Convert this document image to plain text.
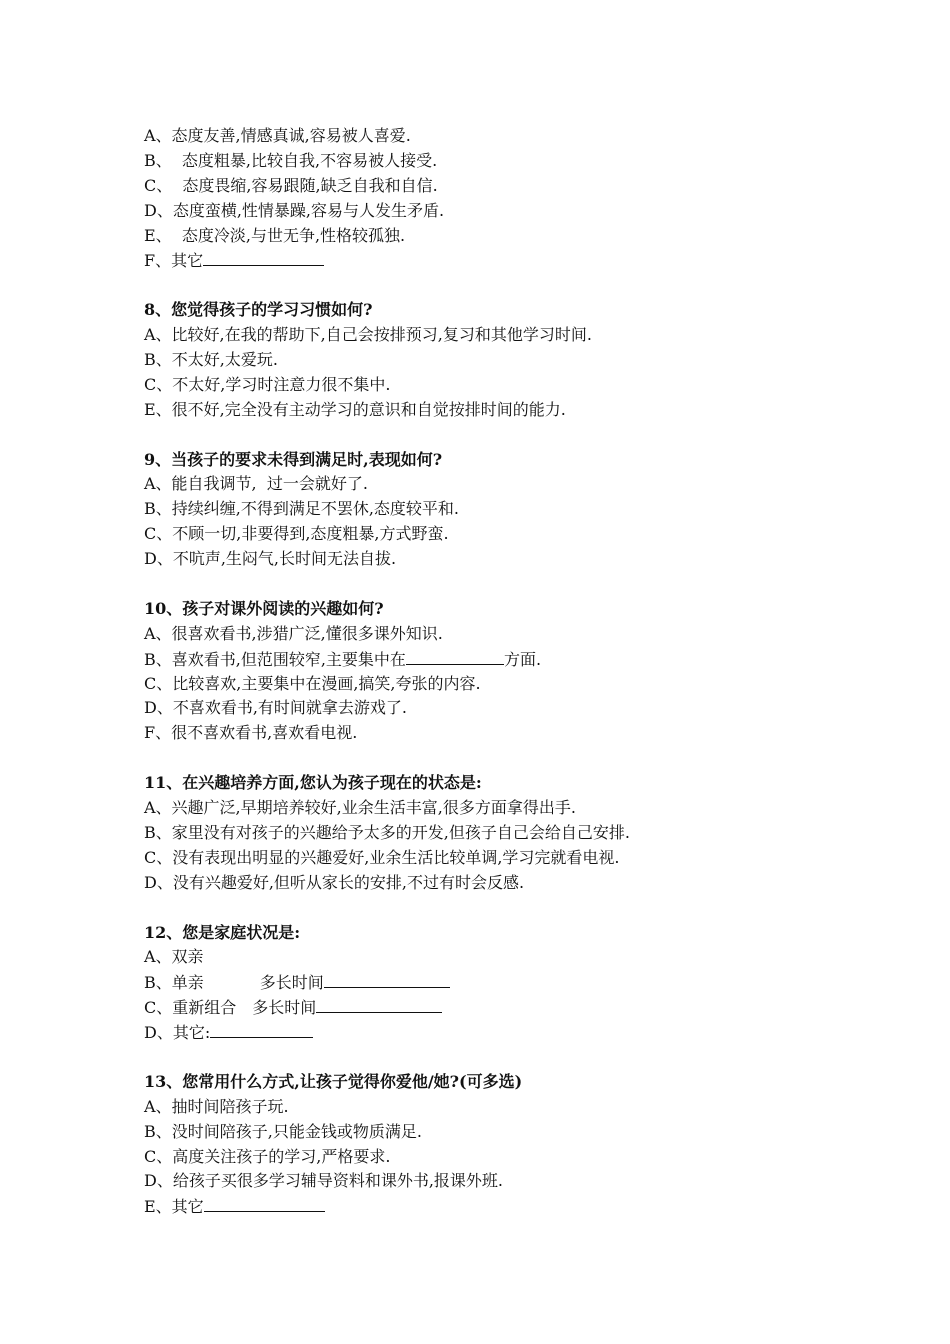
A、态度友善,情感真诚,容易被人喜爱.
B、  态度粗暴,比较自我,不容易被人接受.
C、  态度畏缩,容易跟随,缺乏自我和自信.
D、态度蛮横,性情暴躁,容易与人发生矛盾.
E、  态度冷淡,与世无争,性格较孤独.
F、其它
8、您觉得孩子的学习习惯如何?
A、比较好,在我的帮助下,自己会按排预习,复习和其他学习时间.
B、不太好,太爱玩.
C、不太好,学习时注意力很不集中.
E、很不好,完全没有主动学习的意识和自觉按排时间的能力.
9、当孩子的要求未得到满足时,表现如何?
A、能自我调节,  过一会就好了.
B、持续纠缠,不得到满足不罢休,态度较平和.
C、不顾一切,非要得到,态度粗暴,方式野蛮.
D、不吭声,生闷气,长时间无法自拔.
10、孩子对课外阅读的兴趣如何?
A、很喜欢看书,涉猎广泛,懂很多课外知识.
B、喜欢看书,但范围较窄,主要集中在	方面.
C、比较喜欢,主要集中在漫画,搞笑,夸张的内容.
D、不喜欢看书,有时间就拿去游戏了.
F、很不喜欢看书,喜欢看电视.
11、在兴趣培养方面,您认为孩子现在的状态是:
A、兴趣广泛,早期培养较好,业余生活丰富,很多方面拿得出手.
B、家里没有对孩子的兴趣给予太多的开发,但孩子自己会给自己安排.
C、没有表现出明显的兴趣爱好,业余生活比较单调,学习完就看电视.
D、没有兴趣爱好,但听从家长的安排,不过有时会反感.
12、您是家庭状况是:
A、双亲
B、单亲	多长时间
C、重新组合 多长时间
D、其它:
13、您常用什么方式,让孩子觉得你爱他/她?(可多选)
A、抽时间陪孩子玩.
B、没时间陪孩子,只能金钱或物质满足.
C、高度关注孩子的学习,严格要求.
D、给孩子买很多学习辅导资料和课外书,报课外班.
E、其它
